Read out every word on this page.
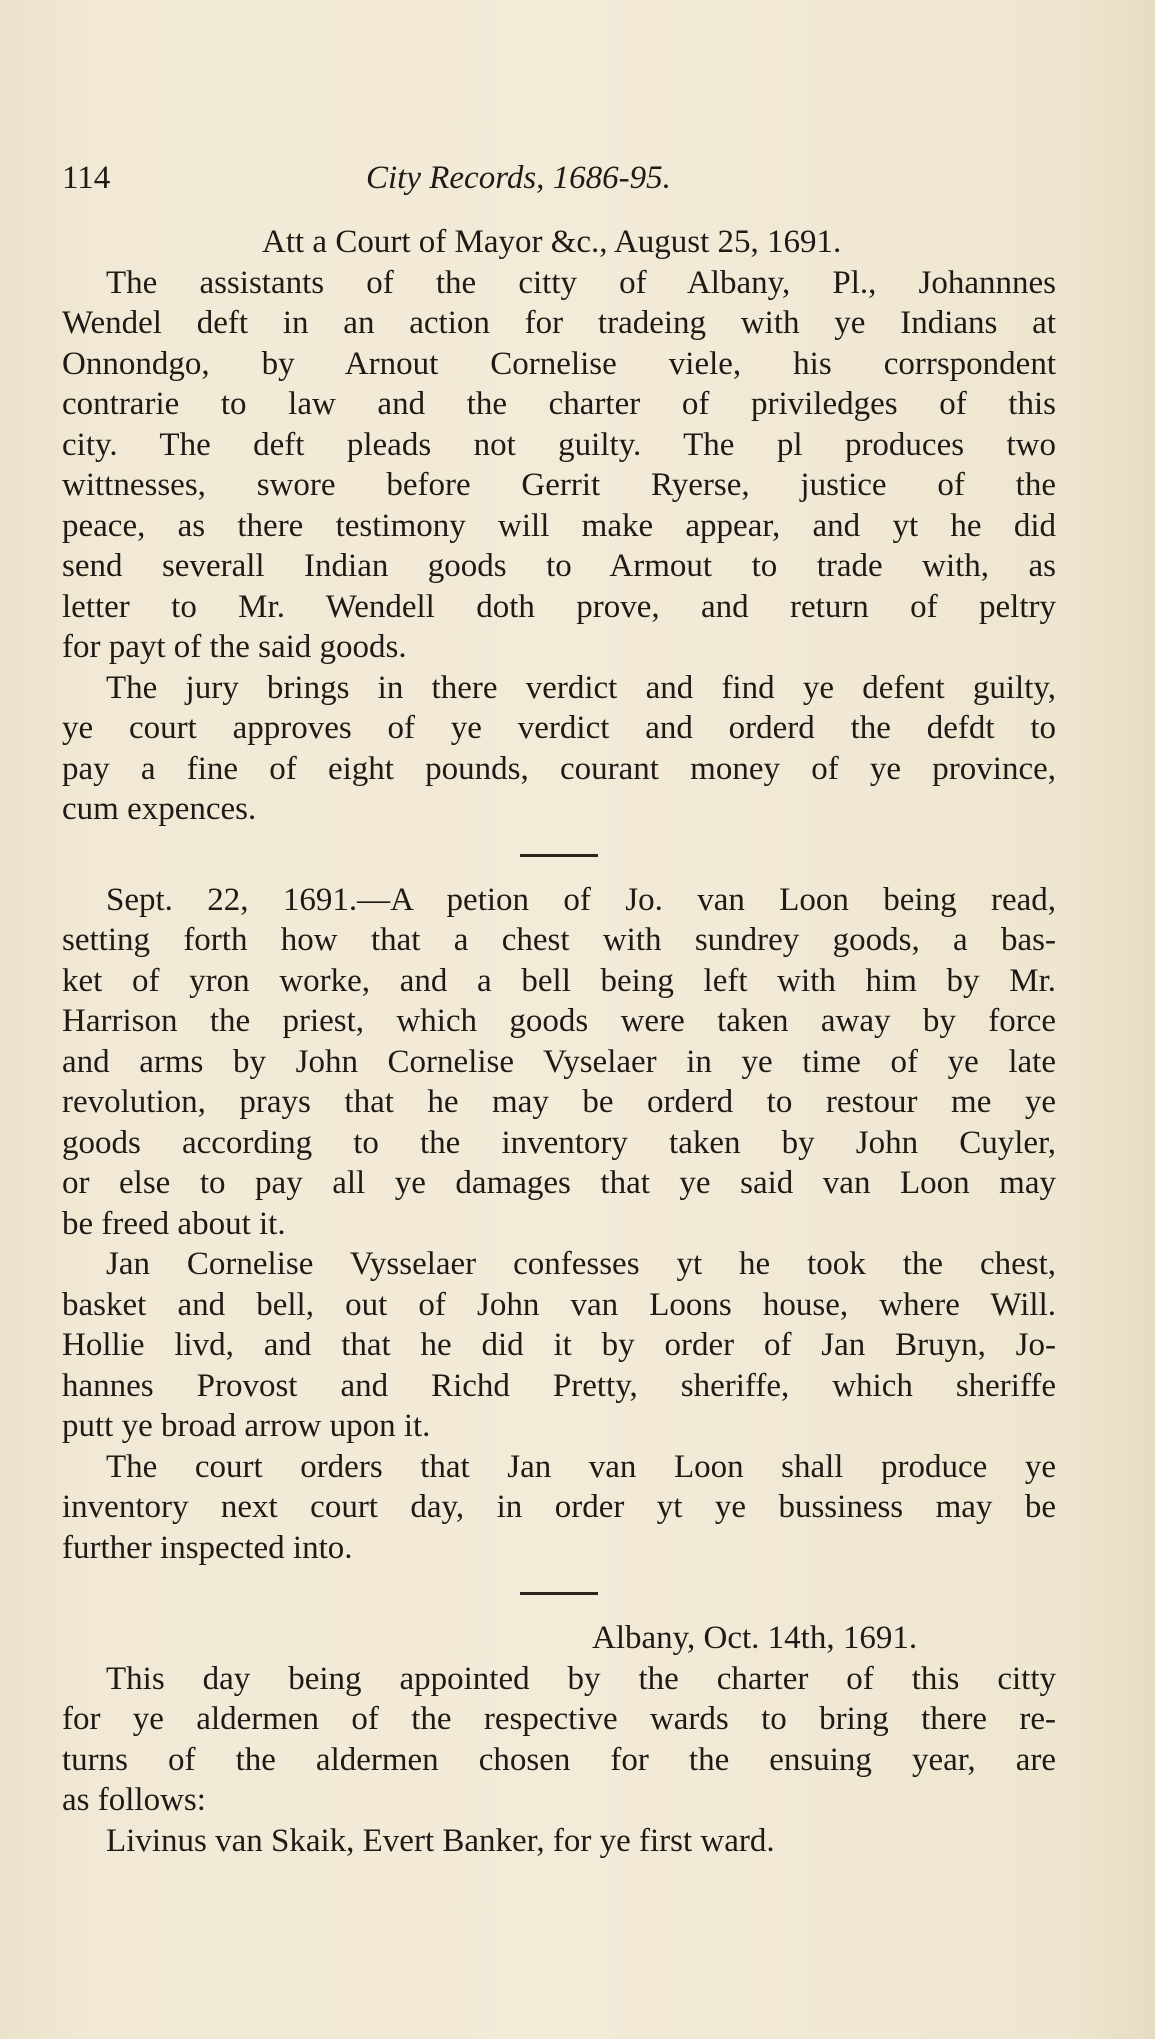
114	City Records, 1686-95.
Att a Court of Mayor &c., August 25, 1691.
The assistants of the citty of Albany, Pl., Johannnes
Wendel deft in an action for tradeing with ye Indians at
Onnondgo, by Arnout Cornelise viele, his corrspondent
contrarie to law and the charter of priviledges of this
city. The deft pleads not guilty. The pl produces two
wittnesses, swore before Gerrit Ryerse, justice of the
peace, as there testimony will make appear, and yt he did
send severall Indian goods to Armout to trade with, as
letter to Mr. Wendell doth prove, and return of peltry
for payt of the said goods.
The jury brings in there verdict and find ye defent guilty,
ye court approves of ye verdict and orderd the defdt to
pay a fine of eight pounds, courant money of ye province,
cum expences.
Sept. 22, 1691.—A petion of Jo. van Loon being read,
setting forth how that a chest with sundrey goods, a bas-
ket of yron worke, and a bell being left with him by Mr.
Harrison the priest, which goods were taken away by force
and arms by John Cornelise Vyselaer in ye time of ye late
revolution, prays that he may be orderd to restour me ye
goods according to the inventory taken by John Cuyler,
or else to pay all ye damages that ye said van Loon may
be freed about it.
Jan Cornelise Vysselaer confesses yt he took the chest,
basket and bell, out of John van Loons house, where Will.
Hollie livd, and that he did it by order of Jan Bruyn, Jo-
hannes Provost and Richd Pretty, sheriffe, which sheriffe
putt ye broad arrow upon it.
The court orders that Jan van Loon shall produce ye
inventory next court day, in order yt ye bussiness may be
further inspected into.
Albany, Oct. 14th, 1691.
This day being appointed by the charter of this citty
for ye aldermen of the respective wards to bring there re-
turns of the aldermen chosen for the ensuing year, are
as follows:
Livinus van Skaik, Evert Banker, for ye first ward.
